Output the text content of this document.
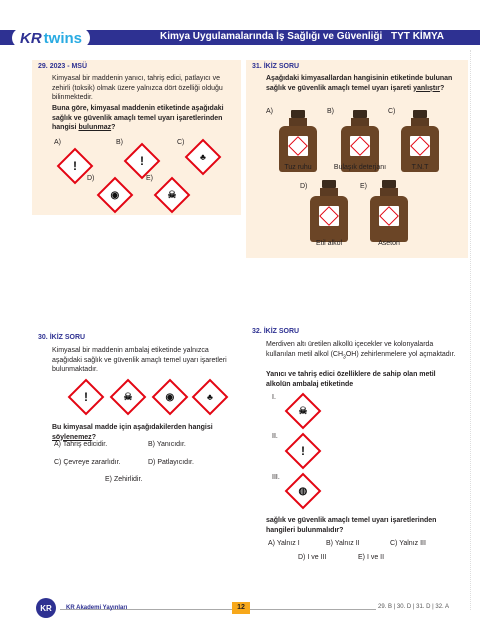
KR twins	Kimya Uygulamalarında İş Sağlığı ve Güvenliği TYT KİMYA
29. 2023 - MSÜ
Kimyasal bir maddenin yanıcı, tahriş edici, patlayıcı ve zehirli (toksik) olmak üzere yalnızca dört özelliği olduğu bilinmektedir.
Buna göre, kimyasal maddenin etiketinde aşağıdaki sağlık ve güvenlik amaçlı temel uyarı işaretlerinden hangisi bulunmaz?
A)
!
B)
!
C)
♣
D)
◉
E)
☠
30. İKİZ SORU
Kimyasal bir maddenin ambalaj etiketinde yalnızca aşağıdaki sağlık ve güvenlik amaçlı temel uyarı işaretleri bulunmaktadır.
!	☠	◉	♣
Bu kimyasal madde için aşağıdakilerden hangisi söylenemez?
A) Tahriş edicidir.	B) Yanıcıdır.
C) Çevreye zararlıdır.	D) Patlayıcıdır.
E) Zehirlidir.
31. İKİZ SORU
Aşağıdaki kimyasallardan hangisinin etiketinde bulunan sağlık ve güvenlik amaçlı temel uyarı işareti yanlıştır?
A)
Tuz ruhu
B)
Bulaşık deterjanı
C)
T.N.T
D)
Etil alkol
E)
Aseton
32. İKİZ SORU
Merdiven altı üretilen alkollü içecekler ve kolonyalarda kullanılan metil alkol $(CH_3OH)$ zehirlenmelere yol açmaktadır.
Yanıcı ve tahriş edici özelliklere de sahip olan metil alkolün ambalaj etiketinde
I.
☠
II.
!
III.
◍
sağlık ve güvenlik amaçlı temel uyarı işaretlerinden hangileri bulunmalıdır?
A) Yalnız I	B) Yalnız II	C) Yalnız III
D) I ve III	E) I ve II
KR	KR Akademi Yayınları	12	29. B | 30. D | 31. D | 32. A
